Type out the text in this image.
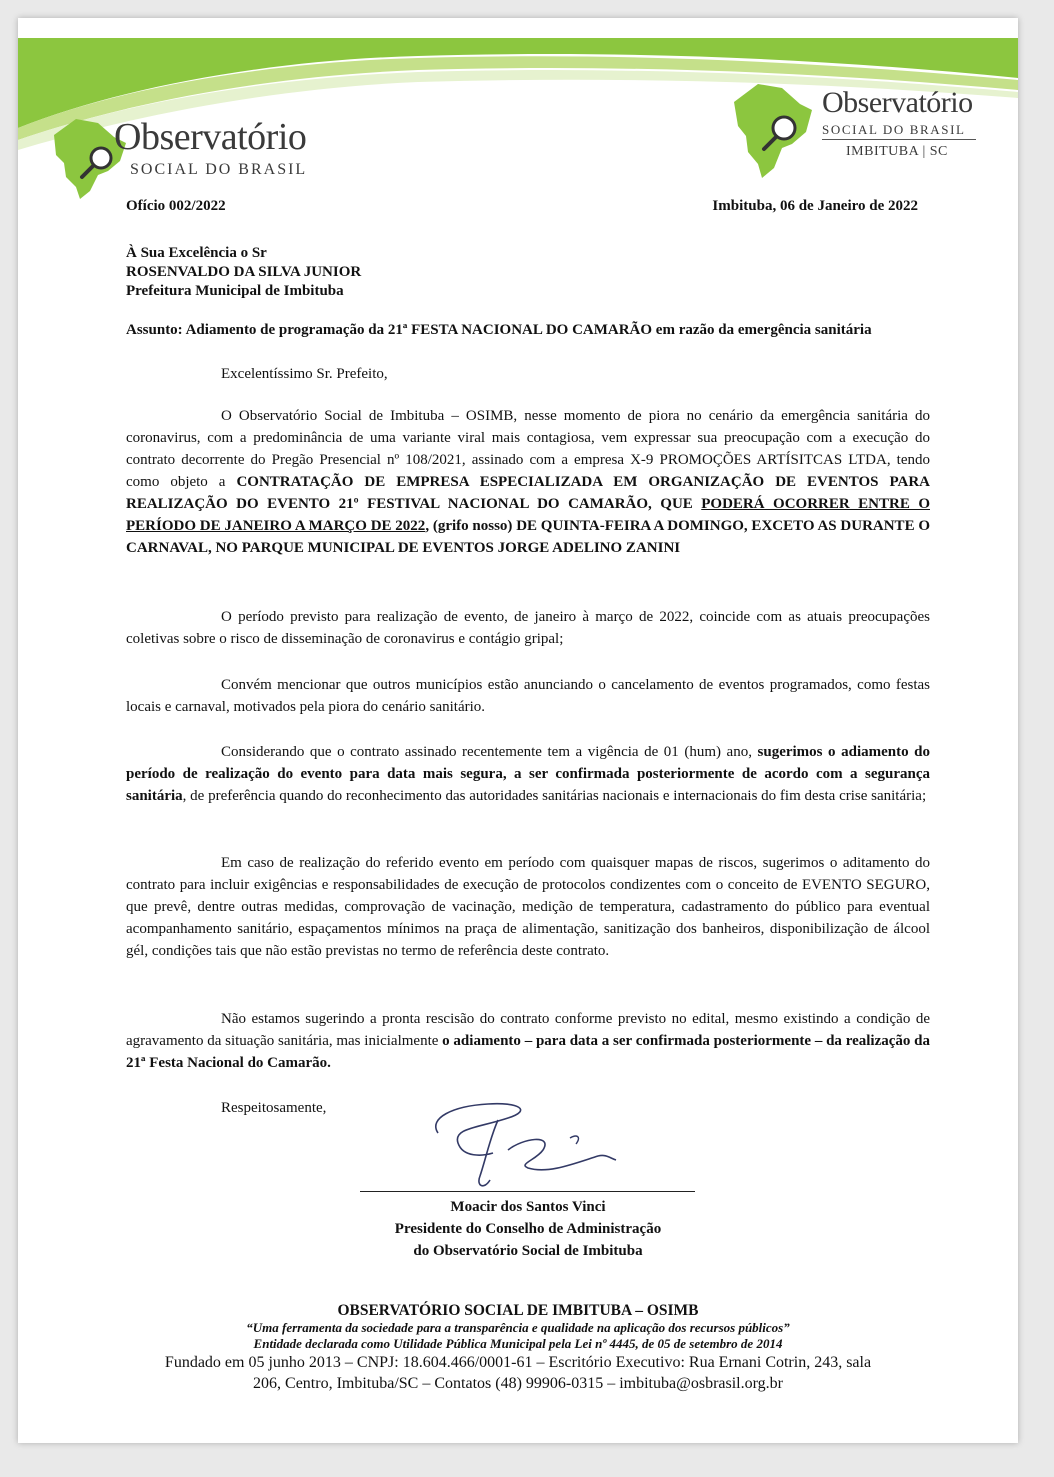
Observatório
SOCIAL DO BRASIL
Observatório
SOCIAL DO BRASIL
IMBITUBA | SC
Ofício 002/2022	Imbituba, 06 de Janeiro de 2022
À Sua Excelência o Sr
ROSENVALDO DA SILVA JUNIOR
Prefeitura Municipal de Imbituba
Assunto: Adiamento de programação da 21ª FESTA NACIONAL DO CAMARÃO em razão da emergência sanitária
Excelentíssimo Sr. Prefeito,
O Observatório Social de Imbituba – OSIMB, nesse momento de piora no cenário da emergência sanitária do coronavirus, com a predominância de uma variante viral mais contagiosa, vem expressar sua preocupação com a execução do contrato decorrente do Pregão Presencial nº 108/2021, assinado com a empresa X-9 PROMOÇÕES ARTÍSITCAS LTDA, tendo como objeto a CONTRATAÇÃO DE EMPRESA ESPECIALIZADA EM ORGANIZAÇÃO DE EVENTOS PARA REALIZAÇÃO DO EVENTO 21º FESTIVAL NACIONAL DO CAMARÃO, QUE PODERÁ OCORRER ENTRE O PERÍODO DE JANEIRO A MARÇO DE 2022, (grifo nosso) DE QUINTA-FEIRA A DOMINGO, EXCETO AS DURANTE O CARNAVAL, NO PARQUE MUNICIPAL DE EVENTOS JORGE ADELINO ZANINI
O período previsto para realização de evento, de janeiro à março de 2022, coincide com as atuais preocupações coletivas sobre o risco de disseminação de coronavirus e contágio gripal;
Convém mencionar que outros municípios estão anunciando o cancelamento de eventos programados, como festas locais e carnaval, motivados pela piora do cenário sanitário.
Considerando que o contrato assinado recentemente tem a vigência de 01 (hum) ano, sugerimos o adiamento do período de realização do evento para data mais segura, a ser confirmada posteriormente de acordo com a segurança sanitária, de preferência quando do reconhecimento das autoridades sanitárias nacionais e internacionais do fim desta crise sanitária;
Em caso de realização do referido evento em período com quaisquer mapas de riscos, sugerimos o aditamento do contrato para incluir exigências e responsabilidades de execução de protocolos condizentes com o conceito de EVENTO SEGURO, que prevê, dentre outras medidas, comprovação de vacinação, medição de temperatura, cadastramento do público para eventual acompanhamento sanitário, espaçamentos mínimos na praça de alimentação, sanitização dos banheiros, disponibilização de álcool gél, condições tais que não estão previstas no termo de referência deste contrato.
Não estamos sugerindo a pronta rescisão do contrato conforme previsto no edital, mesmo existindo a condição de agravamento da situação sanitária, mas inicialmente o adiamento – para data a ser confirmada posteriormente – da realização da 21ª Festa Nacional do Camarão.
Respeitosamente,
Moacir dos Santos Vinci
Presidente do Conselho de Administração
do Observatório Social de Imbituba
OBSERVATÓRIO SOCIAL DE IMBITUBA – OSIMB
“Uma ferramenta da sociedade para a transparência e qualidade na aplicação dos recursos públicos”
Entidade declarada como Utilidade Pública Municipal pela Lei nº 4445, de 05 de setembro de 2014
Fundado em 05 junho 2013 – CNPJ: 18.604.466/0001-61 – Escritório Executivo: Rua Ernani Cotrin, 243, sala
206, Centro, Imbituba/SC – Contatos (48) 99906-0315 – imbituba@osbrasil.org.br
